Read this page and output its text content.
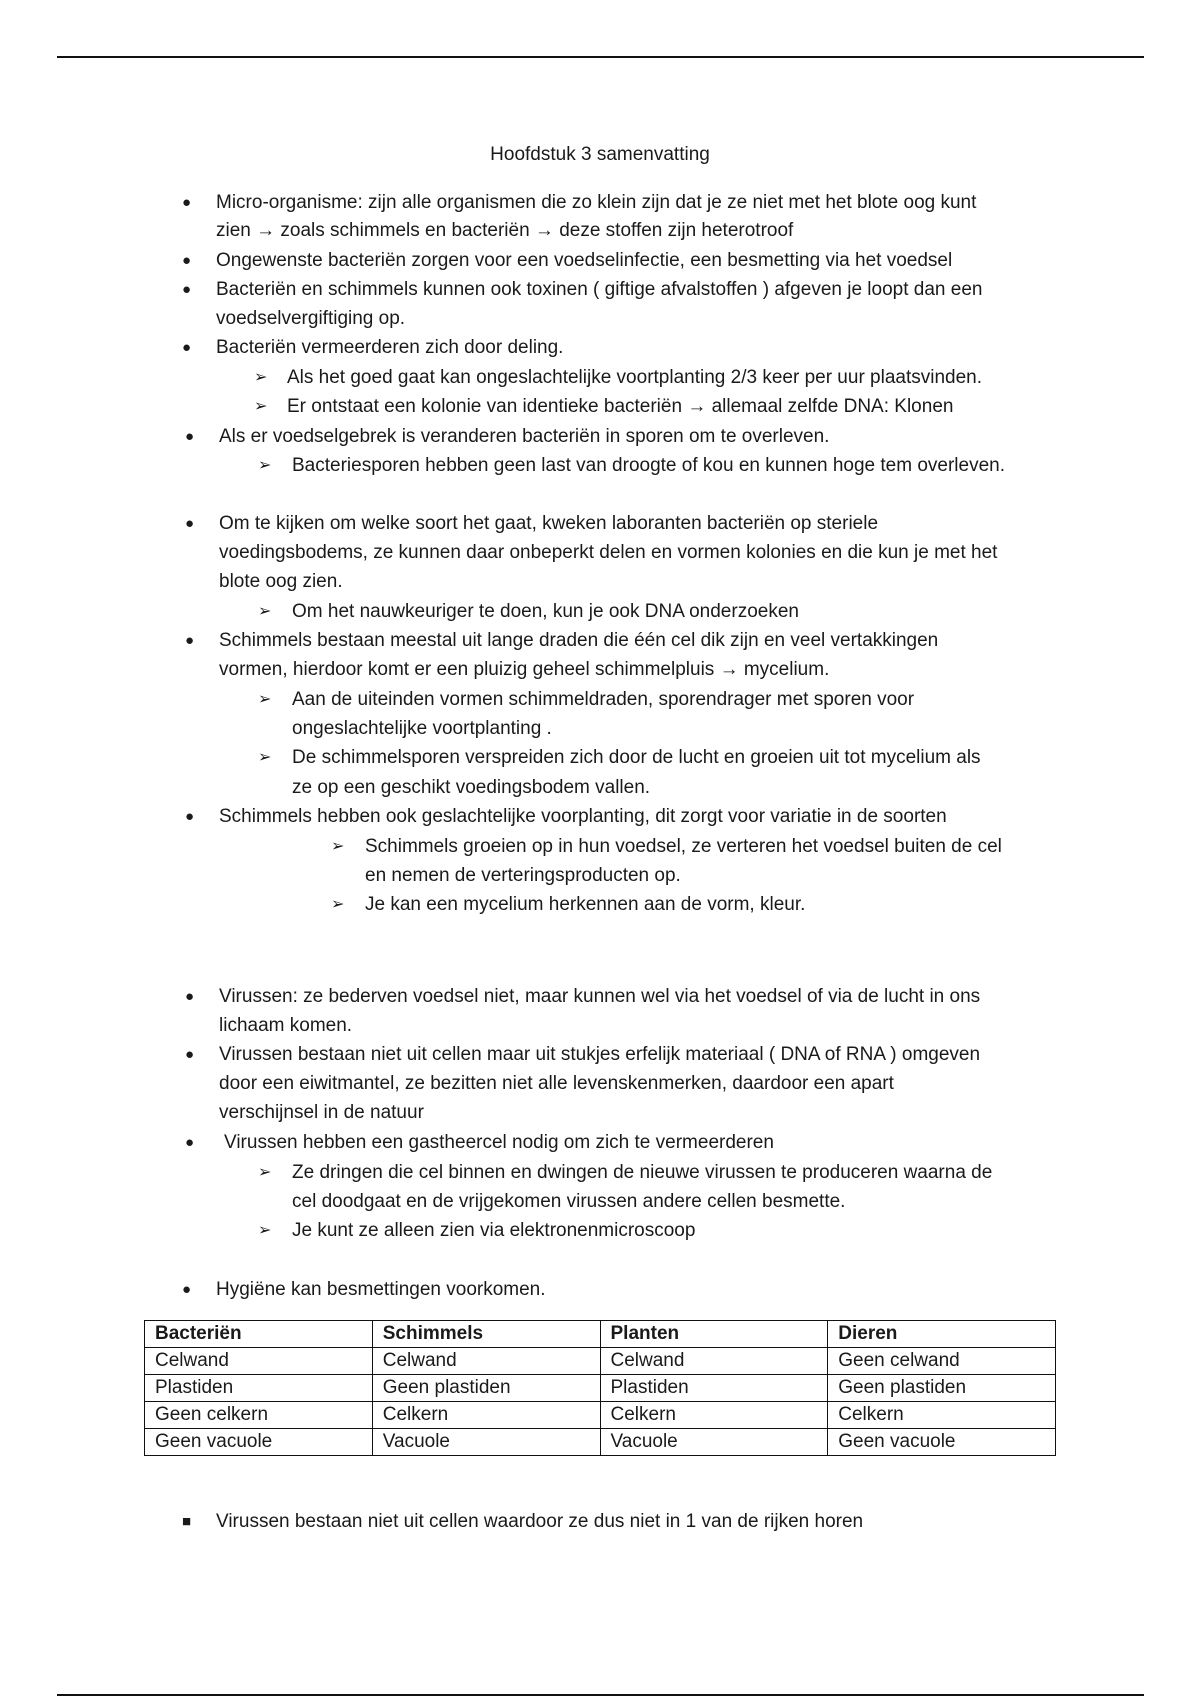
Hoofdstuk 3 samenvatting
● Micro-organisme: zijn alle organismen die zo klein zijn dat je ze niet met het blote oog kunt
zien → zoals schimmels en bacteriën → deze stoffen zijn heterotroof
● Ongewenste bacteriën zorgen voor een voedselinfectie, een besmetting via het voedsel
● Bacteriën en schimmels kunnen ook toxinen ( giftige afvalstoffen ) afgeven je loopt dan een
voedselvergiftiging op.
● Bacteriën vermeerderen zich door deling.
➢ Als het goed gaat kan ongeslachtelijke voortplanting 2/3 keer per uur plaatsvinden.
➢ Er ontstaat een kolonie van identieke bacteriën → allemaal zelfde DNA: Klonen
● Als er voedselgebrek is veranderen bacteriën in sporen om te overleven.
➢ Bacteriesporen hebben geen last van droogte of kou en kunnen hoge tem overleven.
● Om te kijken om welke soort het gaat, kweken laboranten bacteriën op steriele
voedingsbodems, ze kunnen daar onbeperkt delen en vormen kolonies en die kun je met het
blote oog zien.
➢ Om het nauwkeuriger te doen, kun je ook DNA onderzoeken
● Schimmels bestaan meestal uit lange draden die één cel dik zijn en veel vertakkingen
vormen, hierdoor komt er een pluizig geheel schimmelpluis → mycelium.
➢ Aan de uiteinden vormen schimmeldraden, sporendrager met sporen voor
ongeslachtelijke voortplanting .
➢ De schimmelsporen verspreiden zich door de lucht en groeien uit tot mycelium als
ze op een geschikt voedingsbodem vallen.
● Schimmels hebben ook geslachtelijke voorplanting, dit zorgt voor variatie in de soorten
➢ Schimmels groeien op in hun voedsel, ze verteren het voedsel buiten de cel
en nemen de verteringsproducten op.
➢ Je kan een mycelium herkennen aan de vorm, kleur.
● Virussen: ze bederven voedsel niet, maar kunnen wel via het voedsel of via de lucht in ons
lichaam komen.
● Virussen bestaan niet uit cellen maar uit stukjes erfelijk materiaal ( DNA of RNA ) omgeven
door een eiwitmantel, ze bezitten niet alle levenskenmerken, daardoor een apart
verschijnsel in de natuur
● Virussen hebben een gastheercel nodig om zich te vermeerderen
➢ Ze dringen die cel binnen en dwingen de nieuwe virussen te produceren waarna de
cel doodgaat en de vrijgekomen virussen andere cellen besmette.
➢ Je kunt ze alleen zien via elektronenmicroscoop
● Hygiëne kan besmettingen voorkomen.
Bacteriën	Schimmels	Planten	Dieren
Celwand	Celwand	Celwand	Geen celwand
Plastiden	Geen plastiden	Plastiden	Geen plastiden
Geen celkern	Celkern	Celkern	Celkern
Geen vacuole	Vacuole	Vacuole	Geen vacuole
■ Virussen bestaan niet uit cellen waardoor ze dus niet in 1 van de rijken horen
